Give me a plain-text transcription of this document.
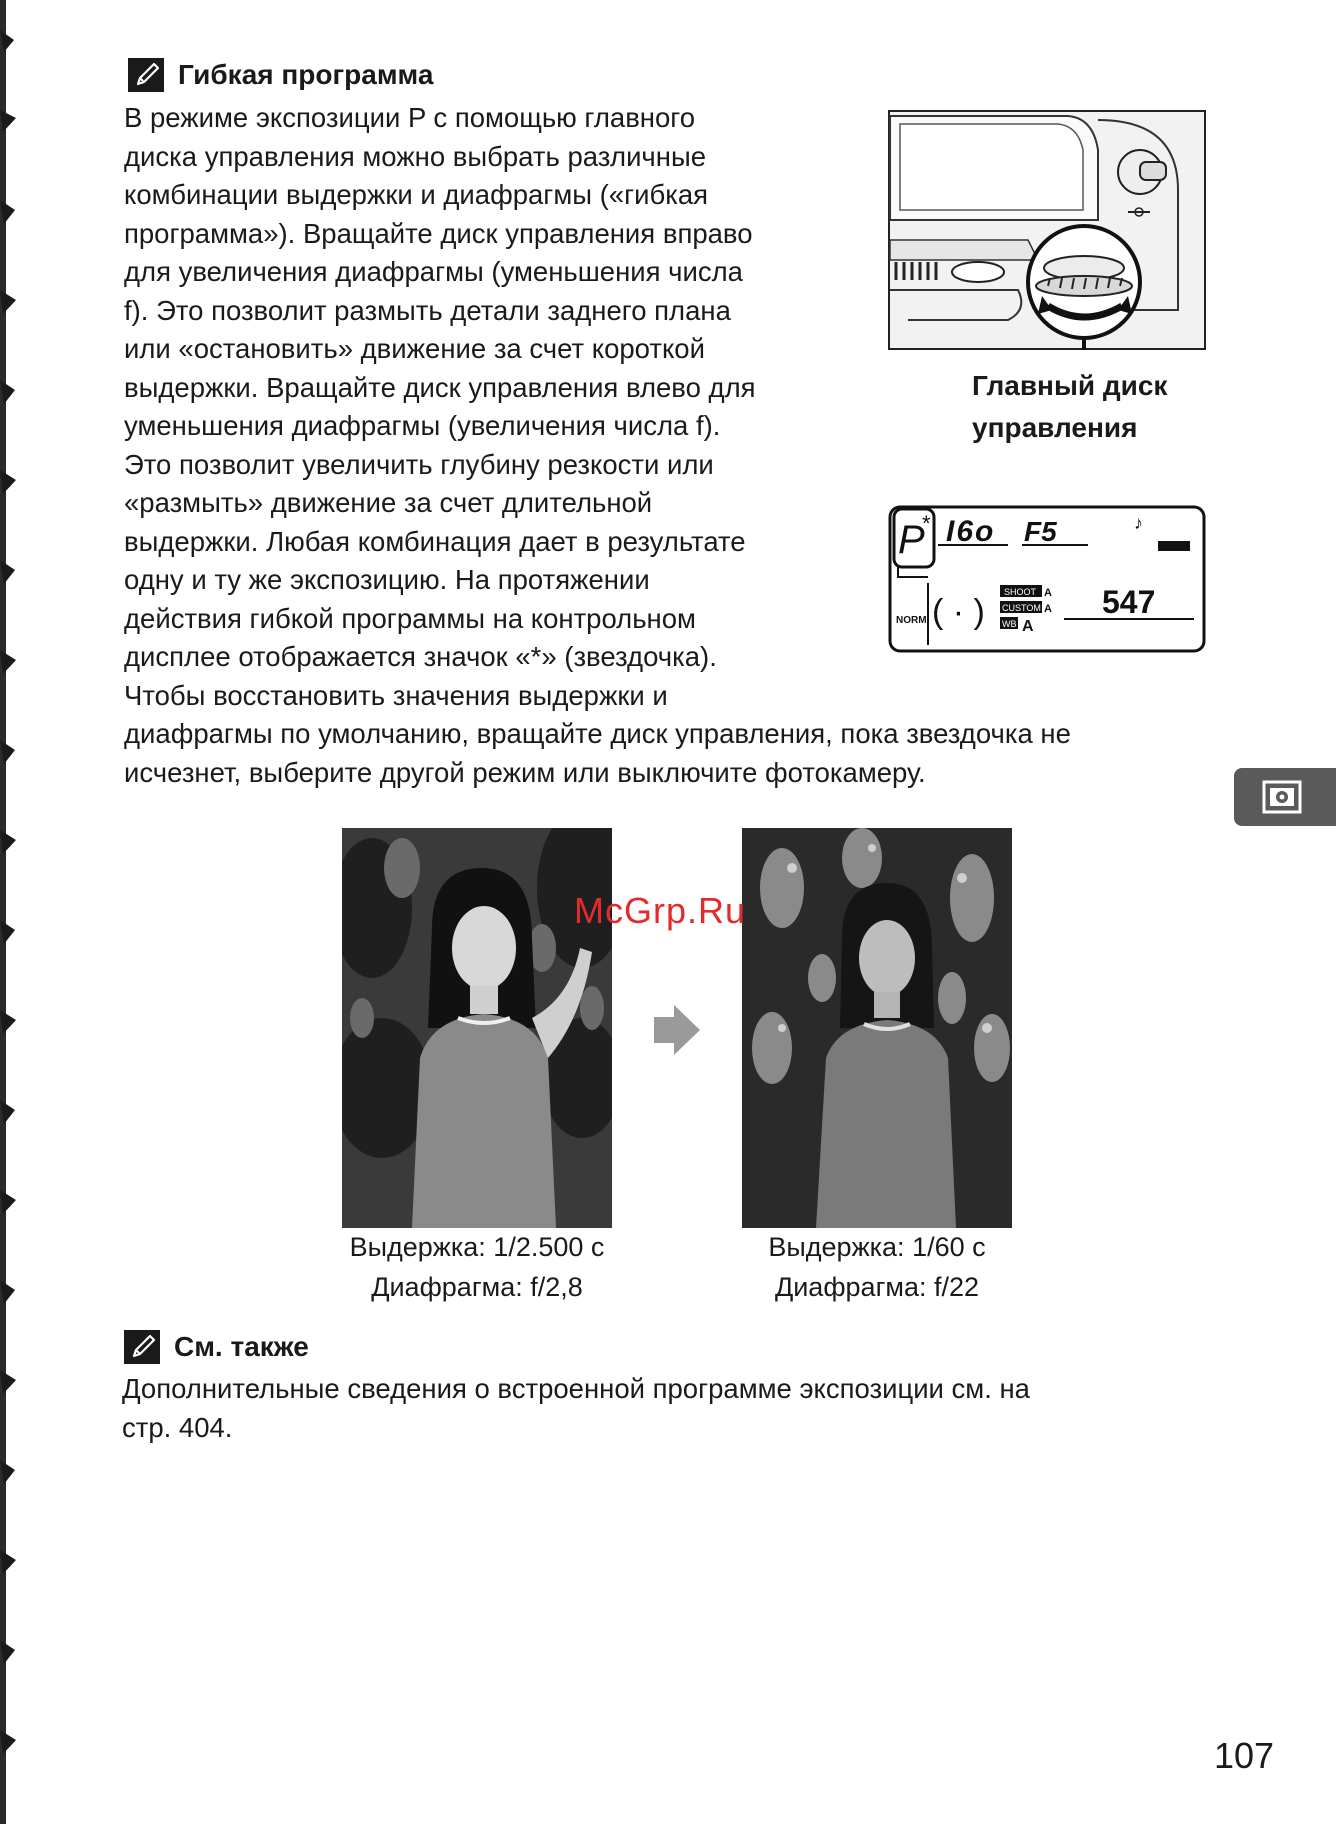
Гибкая программа

В режиме экспозиции P с помощью главного
диска управления можно выбрать различные
комбинации выдержки и диафрагмы («гибкая
программа»). Вращайте диск управления вправо
для увеличения диафрагмы (уменьшения числа
f). Это позволит размыть детали заднего плана
или «остановить» движение за счет короткой
выдержки. Вращайте диск управления влево для
уменьшения диафрагмы (увеличения числа f).
Это позволит увеличить глубину резкости или
«размыть» движение за счет длительной
выдержки. Любая комбинация дает в результате
одну и ту же экспозицию. На протяжении
действия гибкой программы на контрольном
дисплее отображается значок «*» (звездочка).
Чтобы восстановить значения выдержки и
диафрагмы по умолчанию, вращайте диск управления, пока звездочка не
исчезнет, выберите другой режим или выключите фотокамеру.

Главный диск
управления

P
* I6o F5	♪
NORM ( · )
SHOOT A
CUSTOM A
WB A
547
McGrp.Ru

Выдержка: 1/2.500 с
Диафрагма: f/2,8

Выдержка: 1/60 с
Диафрагма: f/22

См. также

Дополнительные сведения о встроенной программе экспозиции см. на
стр. 404.

107
